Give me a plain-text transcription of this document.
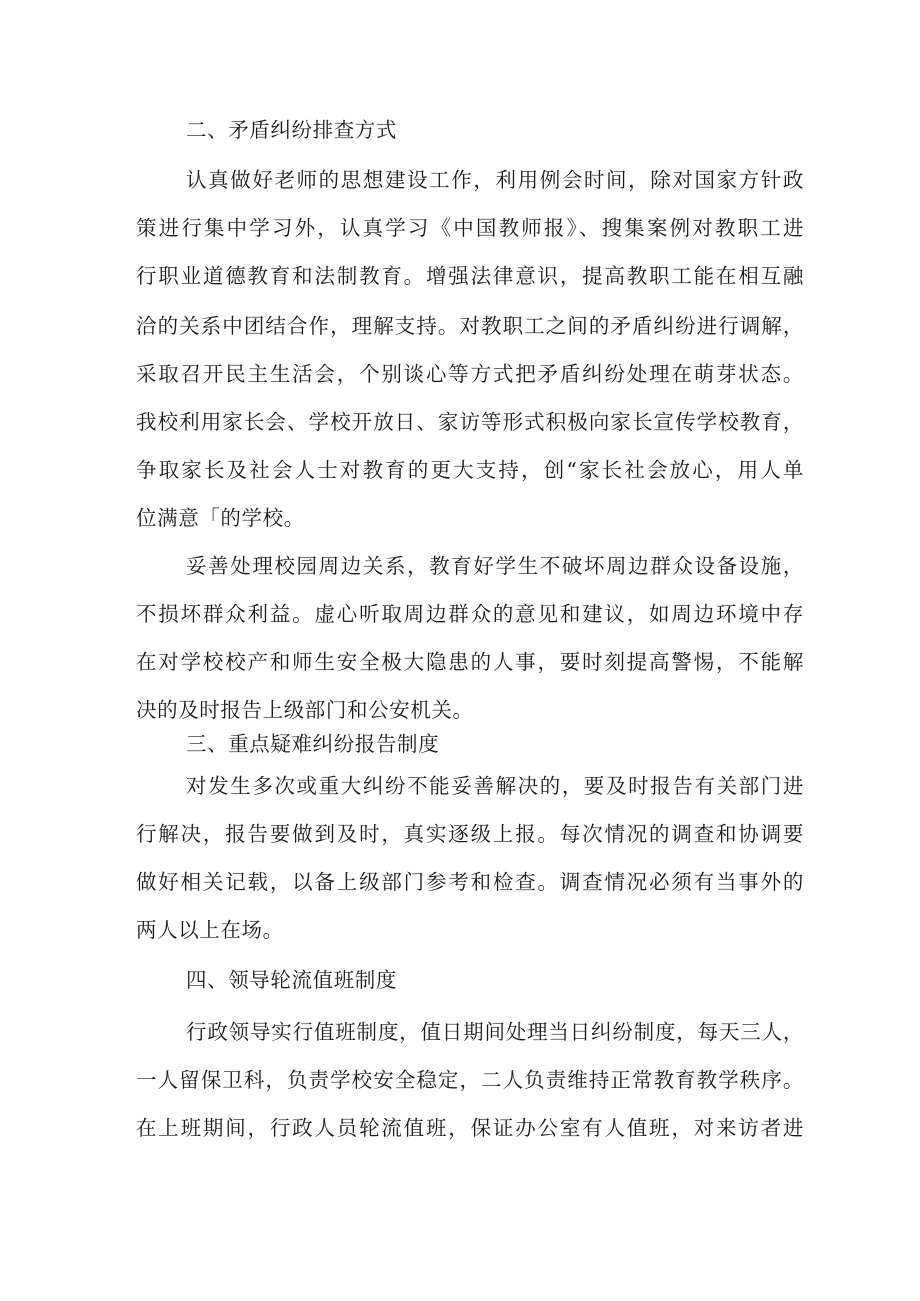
二、矛盾纠纷排查方式

认真做好老师的思想建设工作，利用例会时间，除对国家方针政

策进行集中学习外，认真学习《中国教师报》、搜集案例对教职工进

行职业道德教育和法制教育。增强法律意识，提高教职工能在相互融

洽的关系中团结合作，理解支持。对教职工之间的矛盾纠纷进行调解，

采取召开民主生活会，个别谈心等方式把矛盾纠纷处理在萌芽状态。

我校利用家长会、学校开放日、家访等形式积极向家长宣传学校教育，

争取家长及社会人士对教育的更大支持，创“家长社会放心，用人单

位满意「的学校。

妥善处理校园周边关系，教育好学生不破坏周边群众设备设施，

不损坏群众利益。虚心听取周边群众的意见和建议，如周边环境中存

在对学校校产和师生安全极大隐患的人事，要时刻提高警惕，不能解

决的及时报告上级部门和公安机关。

三、重点疑难纠纷报告制度

对发生多次或重大纠纷不能妥善解决的，要及时报告有关部门进

行解决，报告要做到及时，真实逐级上报。每次情况的调查和协调要

做好相关记载，以备上级部门参考和检查。调查情况必须有当事外的

两人以上在场。

四、领导轮流值班制度

行政领导实行值班制度，值日期间处理当日纠纷制度，每天三人，

一人留保卫科，负责学校安全稳定，二人负责维持正常教育教学秩序。

在上班期间，行政人员轮流值班，保证办公室有人值班，对来访者进
